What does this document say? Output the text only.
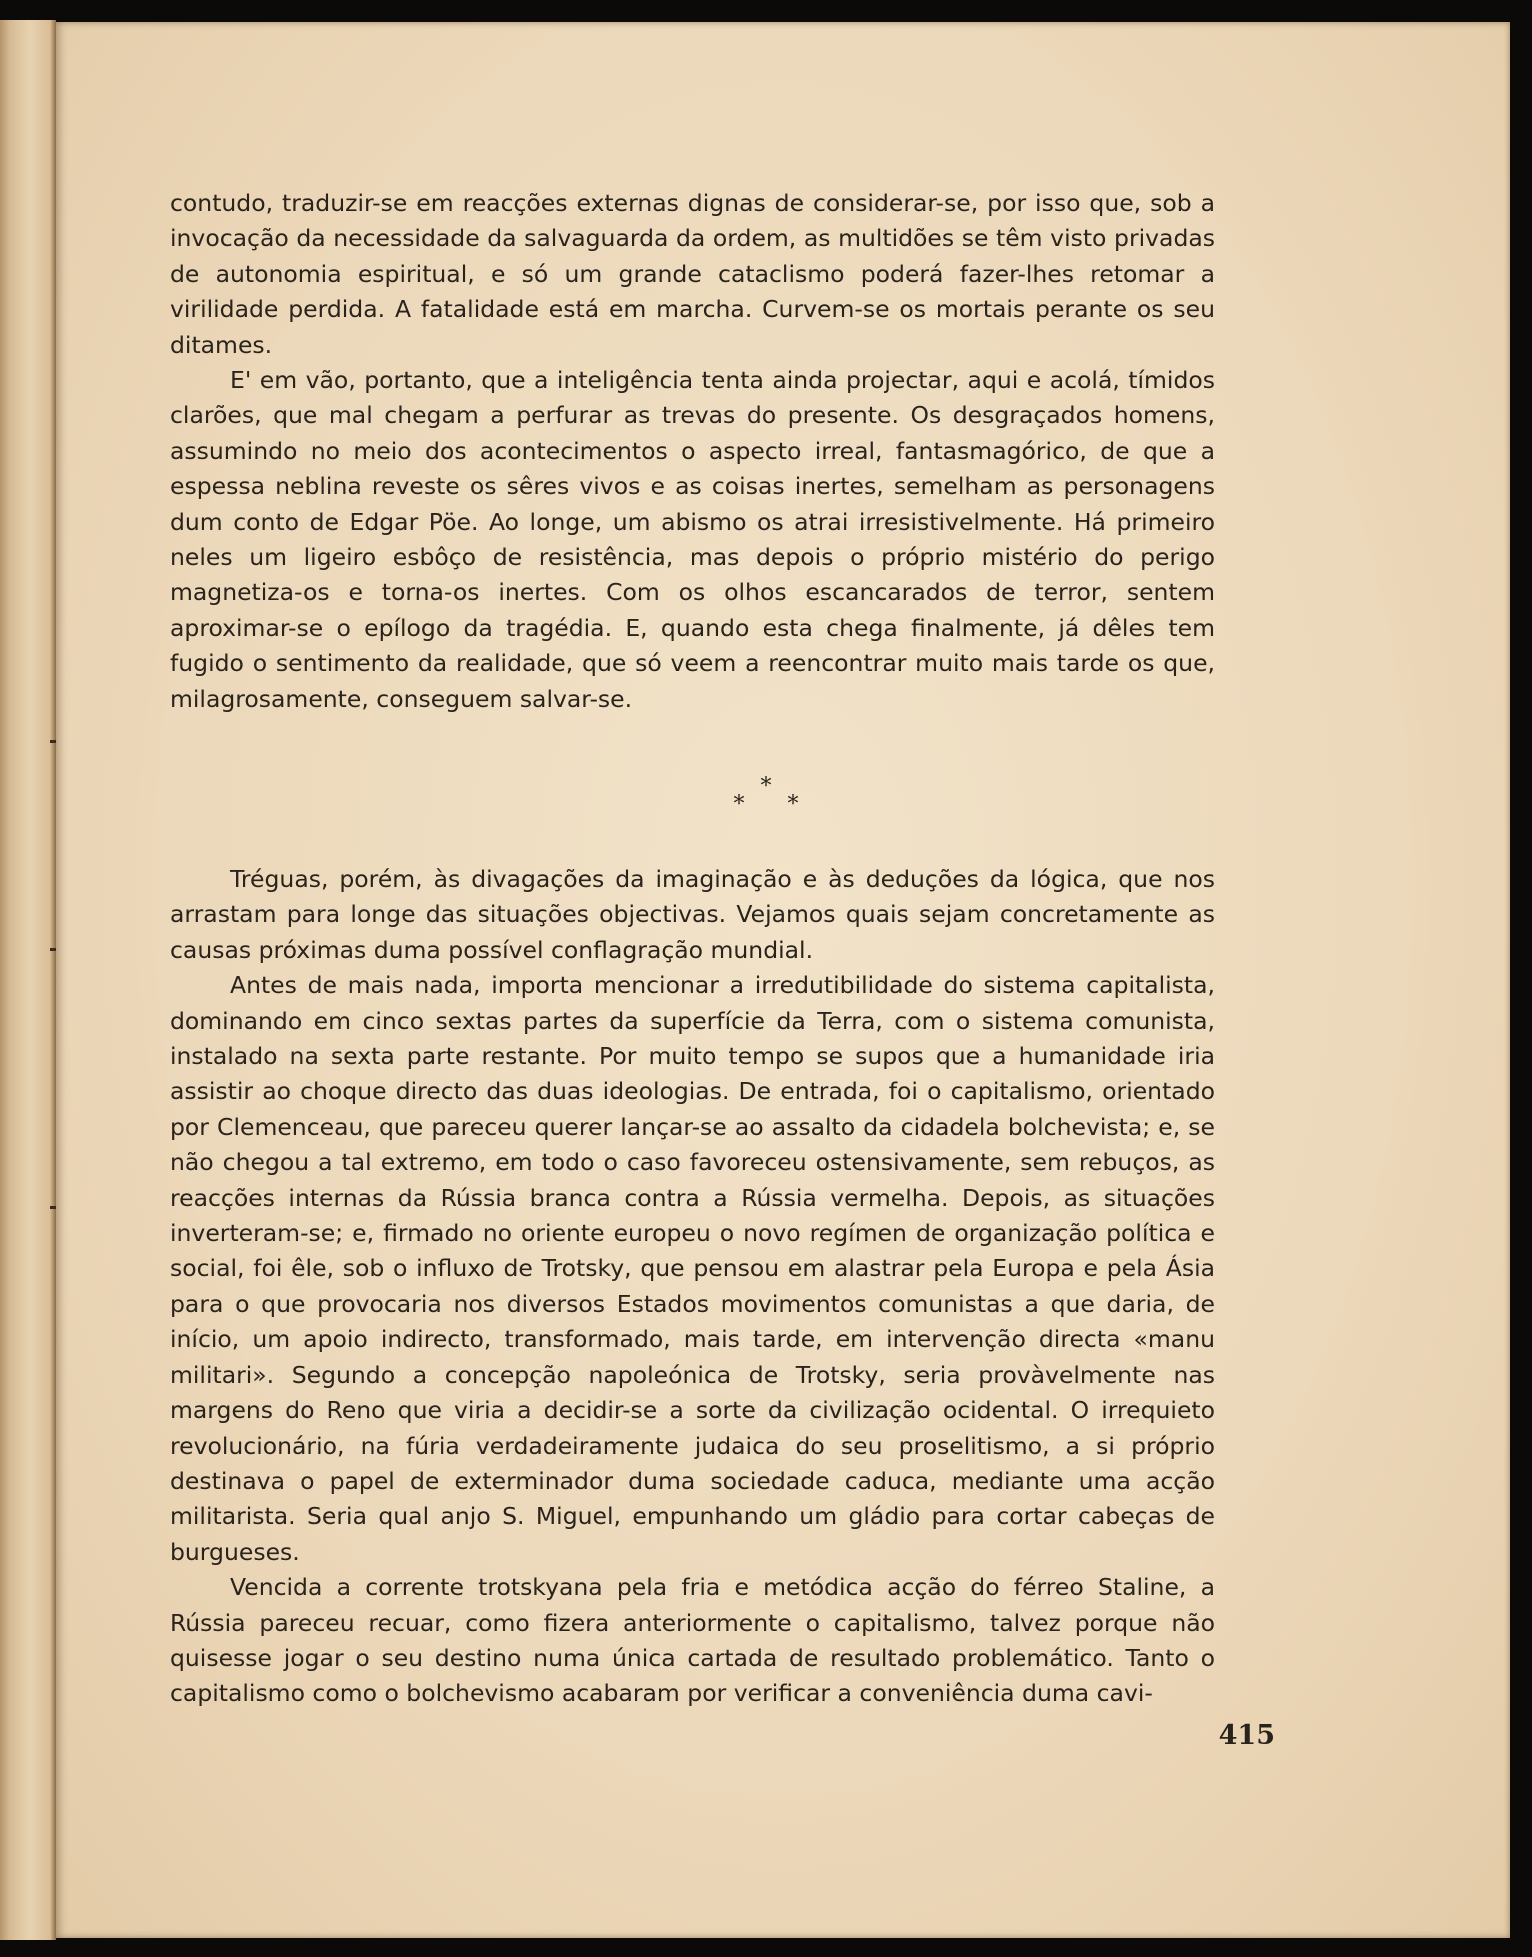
contudo, traduzir-se em reacções externas dignas de considerar-se, por isso que, sob a invocação da necessidade da salvaguarda da ordem, as multidões se têm visto privadas de autonomia espiritual, e só um grande cataclismo poderá fazer-lhes retomar a virilidade perdida. A fatalidade está em marcha. Curvem-se os mortais perante os seu ditames.

E' em vão, portanto, que a inteligência tenta ainda projectar, aqui e acolá, tímidos clarões, que mal chegam a perfurar as trevas do presente. Os desgraçados homens, assumindo no meio dos acontecimentos o aspecto irreal, fantasmagórico, de que a espessa neblina reveste os sêres vivos e as coisas inertes, semelham as personagens dum conto de Edgar Pöe. Ao longe, um abismo os atrai irresistivelmente. Há primeiro neles um ligeiro esbôço de resistência, mas depois o próprio mistério do perigo magnetiza-os e torna-os inertes. Com os olhos escancarados de terror, sentem aproximar-se o epílogo da tragédia. E, quando esta chega finalmente, já dêles tem fugido o sentimento da realidade, que só veem a reencontrar muito mais tarde os que, milagrosamente, conseguem salvar-se.

*
* *

Tréguas, porém, às divagações da imaginação e às deduções da lógica, que nos arrastam para longe das situações objectivas. Vejamos quais sejam concretamente as causas próximas duma possível conflagração mundial.

Antes de mais nada, importa mencionar a irredutibilidade do sistema capitalista, dominando em cinco sextas partes da superfície da Terra, com o sistema comunista, instalado na sexta parte restante. Por muito tempo se supos que a humanidade iria assistir ao choque directo das duas ideologias. De entrada, foi o capitalismo, orientado por Clemenceau, que pareceu querer lançar-se ao assalto da cidadela bolchevista; e, se não chegou a tal extremo, em todo o caso favoreceu ostensivamente, sem rebuços, as reacções internas da Rússia branca contra a Rússia vermelha. Depois, as situações inverteram-se; e, firmado no oriente europeu o novo regímen de organização política e social, foi êle, sob o influxo de Trotsky, que pensou em alastrar pela Europa e pela Ásia para o que provocaria nos diversos Estados movimentos comunistas a que daria, de início, um apoio indirecto, transformado, mais tarde, em intervenção directa «manu militari». Segundo a concepção napoleónica de Trotsky, seria provàvelmente nas margens do Reno que viria a decidir-se a sorte da civilização ocidental. O irrequieto revolucionário, na fúria verdadeiramente judaica do seu proselitismo, a si próprio destinava o papel de exterminador duma sociedade caduca, mediante uma acção militarista. Seria qual anjo S. Miguel, empunhando um gládio para cortar cabeças de burgueses.

Vencida a corrente trotskyana pela fria e metódica acção do férreo Staline, a Rússia pareceu recuar, como fizera anteriormente o capitalismo, talvez porque não quisesse jogar o seu destino numa única cartada de resultado problemático. Tanto o capitalismo como o bolchevismo acabaram por verificar a conveniência duma cavi-

415
